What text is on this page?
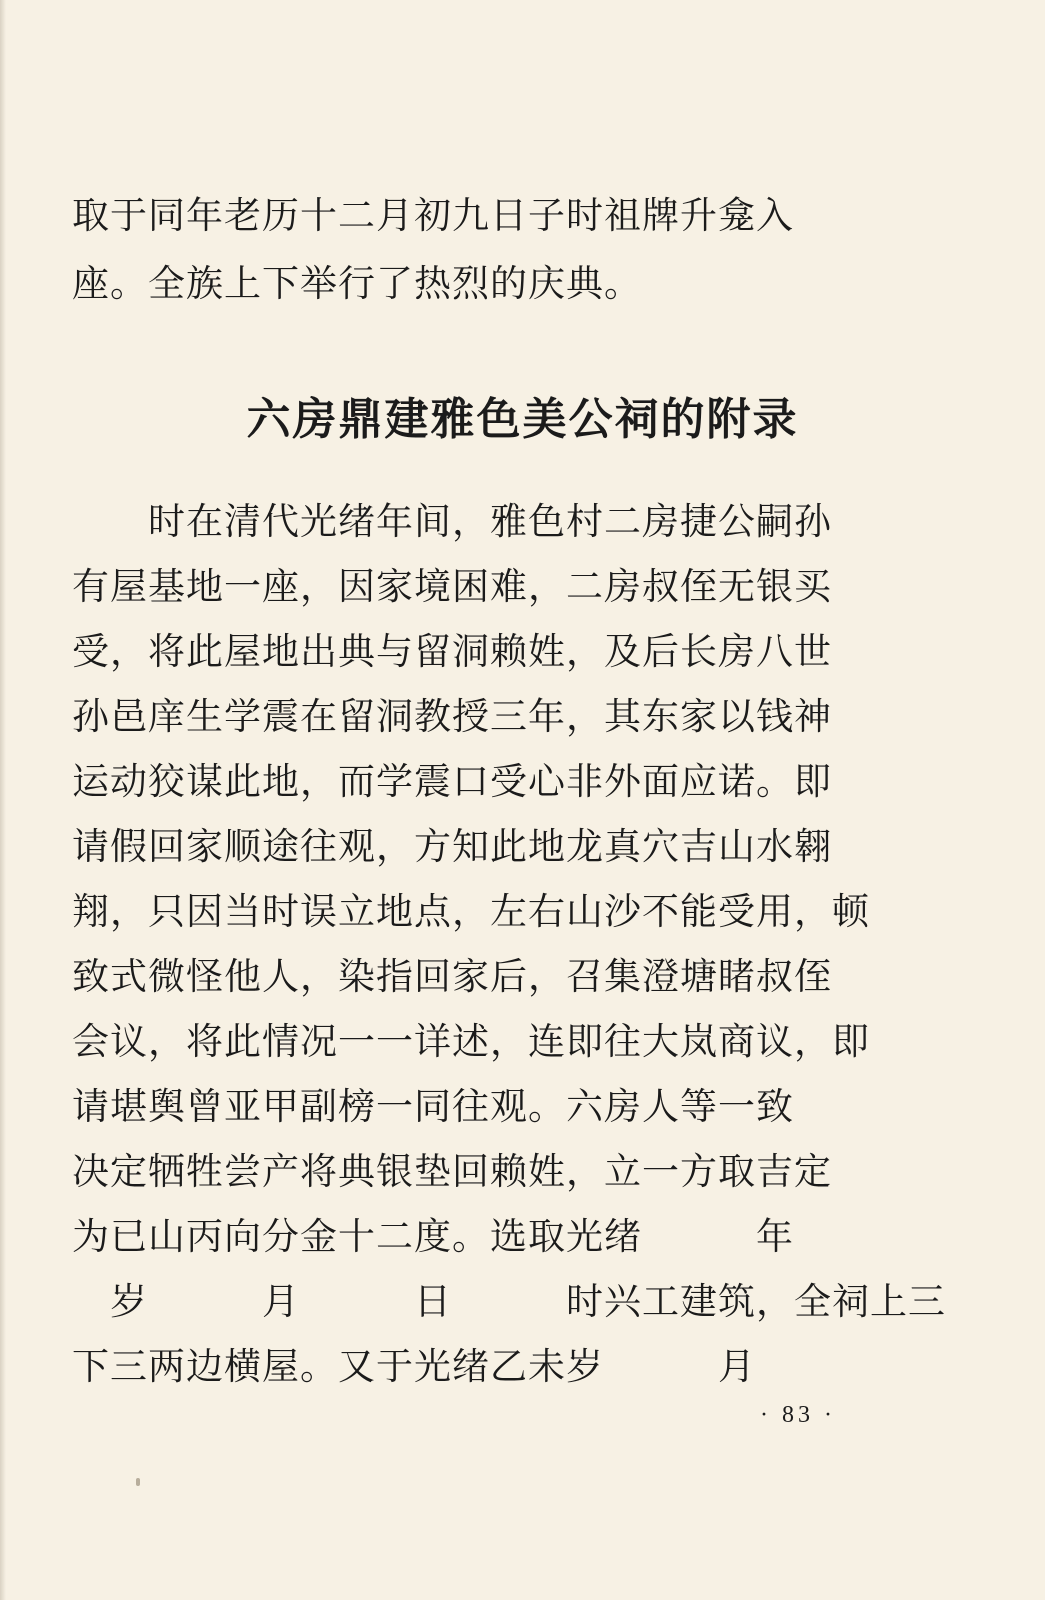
取于同年老历十二月初九日子时祖牌升龛入
座。全族上下举行了热烈的庆典。
六房鼎建雅色美公祠的附录
　　时在清代光绪年间，雅色村二房捷公嗣孙
有屋基地一座，因家境困难，二房叔侄无银买
受，将此屋地出典与留洞赖姓，及后长房八世
孙邑庠生学震在留洞教授三年，其东家以钱神
运动狡谋此地，而学震口受心非外面应诺。即
请假回家顺途往观，方知此地龙真穴吉山水翱
翔，只因当时误立地点，左右山沙不能受用，顿
致式微怪他人，染指回家后，召集澄塘睹叔侄
会议，将此情况一一详述，连即往大岚商议，即
请堪舆曾亚甲副榜一同往观。六房人等一致
决定牺牲尝产将典银垫回赖姓，立一方取吉定
为已山丙向分金十二度。选取光绪　　　年
　岁　　　月　　　日　　　时兴工建筑，全祠上三
下三两边横屋。又于光绪乙未岁　　　月
· 83 ·
